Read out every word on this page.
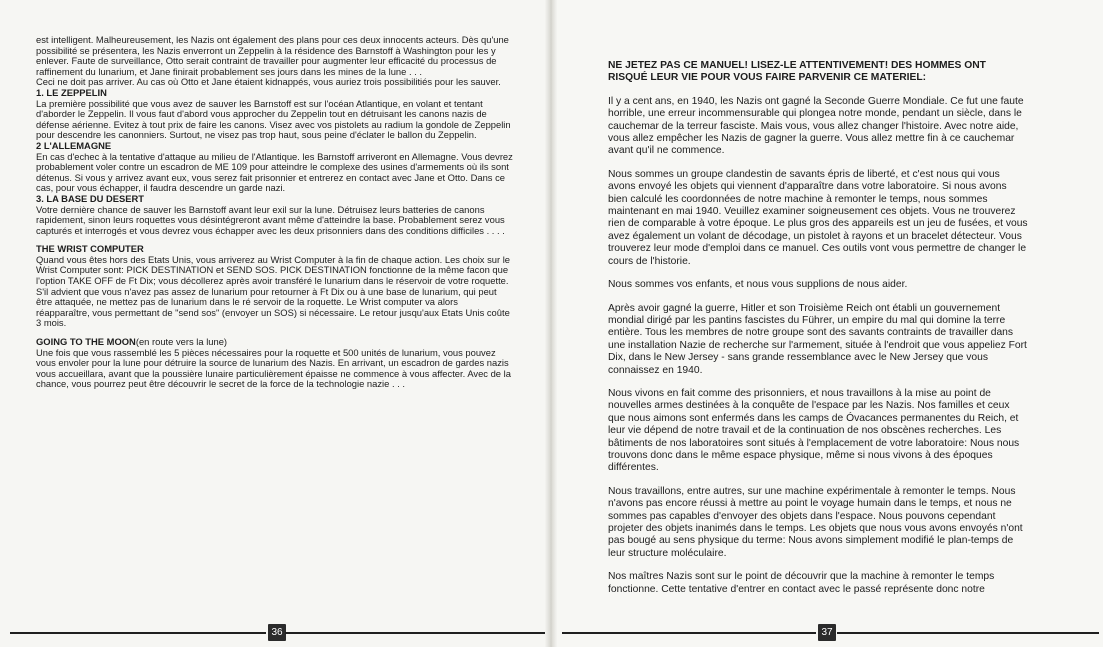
est intelligent. Malheureusement, les Nazis ont également des plans pour ces deux innocents acteurs. Dès qu'une possibilité se présentera, les Nazis enverront un Zeppelin à la résidence des Barnstoff à Washington pour les y enlever. Faute de surveillance, Otto serait contraint de travailler pour augmenter leur efficacité du processus de raffinement du lunarium, et Jane finirait probablement ses jours dans les mines de la lune . . .

Ceci ne doit pas arriver. Au cas où Otto et Jane étaient kidnappés, vous auriez trois possibilitiés pour les sauver.

1. LE ZEPPELIN

La première possibilité que vous avez de sauver les Barnstoff est sur l'océan Atlantique, en volant et tentant d'aborder le Zeppelin. Il vous faut d'abord vous approcher du Zeppelin tout en détruisant les canons nazis de défense aérienne. Evitez à tout prix de faire les canons. Visez avec vos pistolets au radium la gondole de Zeppelin pour descendre les canonniers. Surtout, ne visez pas trop haut, sous peine d'éclater le ballon du Zeppelin.

2 L'ALLEMAGNE

En cas d'echec à la tentative d'attaque au milieu de l'Atlantique. les Barnstoff arriveront en Allemagne. Vous devrez probablement voler contre un escadron de ME 109 pour atteindre le complexe des usines d'armements où ils sont détenus. Si vous y arrivez avant eux, vous serez fait prisonnier et entrerez en contact avec Jane et Otto. Dans ce cas, pour vous échapper, il faudra descendre un garde nazi.

3. LA BASE DU DESERT

Votre dernière chance de sauver les Barnstoff avant leur exil sur la lune. Détruisez leurs batteries de canons rapidement, sinon leurs roquettes vous désintégreront avant même d'atteindre la base. Probablement serez vous capturés et interrogés et vous devrez vous échapper avec les deux prisonniers dans des conditions difficiles . . . .

THE WRIST COMPUTER

Quand vous êtes hors des Etats Unis, vous arriverez au Wrist Computer à la fin de chaque action. Les choix sur le Wrist Computer sont: PICK DESTINATION et SEND SOS. PICK DESTINATION fonctionne de la même facon que l'option TAKE OFF de Ft Dix; vous décollerez après avoir transféré le lunarium dans le réservoir de votre roquette. S'il advient que vous n'avez pas assez de lunarium pour retourner à Ft Dix ou à une base de lunarium, qui peut être attaquée, ne mettez pas de lunarium dans le ré servoir de la roquette. Le Wrist computer va alors réapparaître, vous permettant de "send sos" (envoyer un SOS) si nécessaire. Le retour jusqu'aux Etats Unis coûte 3 mois.

GOING TO THE MOON(en route vers la lune)

Une fois que vous rassemblé les 5 pièces nécessaires pour la roquette et 500 unités de lunarium, vous pouvez vous envoler pour la lune pour détruire la source de lunarium des Nazis. En arrivant, un escadron de gardes nazis vous accueillara, avant que la poussière lunaire particulièrement épaisse ne commence à vous affecter. Avec de la chance, vous pourrez peut être découvrir le secret de la force de la technologie nazie . . .

36

NE JETEZ PAS CE MANUEL! LISEZ-LE ATTENTIVEMENT! DES HOMMES ONT RISQUÉ LEUR VIE POUR VOUS FAIRE PARVENIR CE MATERIEL:

Il y a cent ans, en 1940, les Nazis ont gagné la Seconde Guerre Mondiale. Ce fut une faute horrible, une erreur incommensurable qui plongea notre monde, pendant un siècle, dans le cauchemar de la terreur fasciste. Mais vous, vous allez changer l'histoire. Avec notre aide, vous allez empêcher les Nazis de gagner la guerre. Vous allez mettre fin à ce cauchemar avant qu'il ne commence.

Nous sommes un groupe clandestin de savants épris de liberté, et c'est nous qui vous avons envoyé les objets qui viennent d'apparaître dans votre laboratoire. Si nous avons bien calculé les coordonnées de notre machine à remonter le temps, nous sommes maintenant en mai 1940. Veuillez examiner soigneusement ces objets. Vous ne trouverez rien de comparable à votre époque. Le plus gros des appareils est un jeu de fusées, et vous avez également un volant de décodage, un pistolet à rayons et un bracelet détecteur. Vous trouverez leur mode d'emploi dans ce manuel. Ces outils vont vous permettre de changer le cours de l'historie.

Nous sommes vos enfants, et nous vous supplions de nous aider.

Après avoir gagné la guerre, Hitler et son Troisième Reich ont établi un gouvernement mondial dirigé par les pantins fascistes du Führer, un empire du mal qui domine la terre entière. Tous les membres de notre groupe sont des savants contraints de travailler dans une installation Nazie de recherche sur l'armement, située à l'endroit que vous appeliez Fort Dix, dans le New Jersey - sans grande ressemblance avec le New Jersey que vous connaissez en 1940.

Nous vivons en fait comme des prisonniers, et nous travaillons à la mise au point de nouvelles armes destinées à la conquête de l'espace par les Nazis. Nos familles et ceux que nous aimons sont enfermés dans les camps de Óvacances permanentes du Reich, et leur vie dépend de notre travail et de la continuation de nos obscènes recherches. Les bâtiments de nos laboratoires sont situés à l'emplacement de votre laboratoire: Nous nous trouvons donc dans le même espace physique, même si nous vivons à des époques différentes.

Nous travaillons, entre autres, sur une machine expérimentale à remonter le temps. Nous n'avons pas encore réussi à mettre au point le voyage humain dans le temps, et nous ne sommes pas capables d'envoyer des objets dans l'espace. Nous pouvons cependant projeter des objets inanimés dans le temps. Les objets que nous vous avons envoyés n'ont pas bougé au sens physique du terme: Nous avons simplement modifié le plan-temps de leur structure moléculaire.

Nos maîtres Nazis sont sur le point de découvrir que la machine à remonter le temps fonctionne. Cette tentative d'entrer en contact avec le passé représente donc notre

37
